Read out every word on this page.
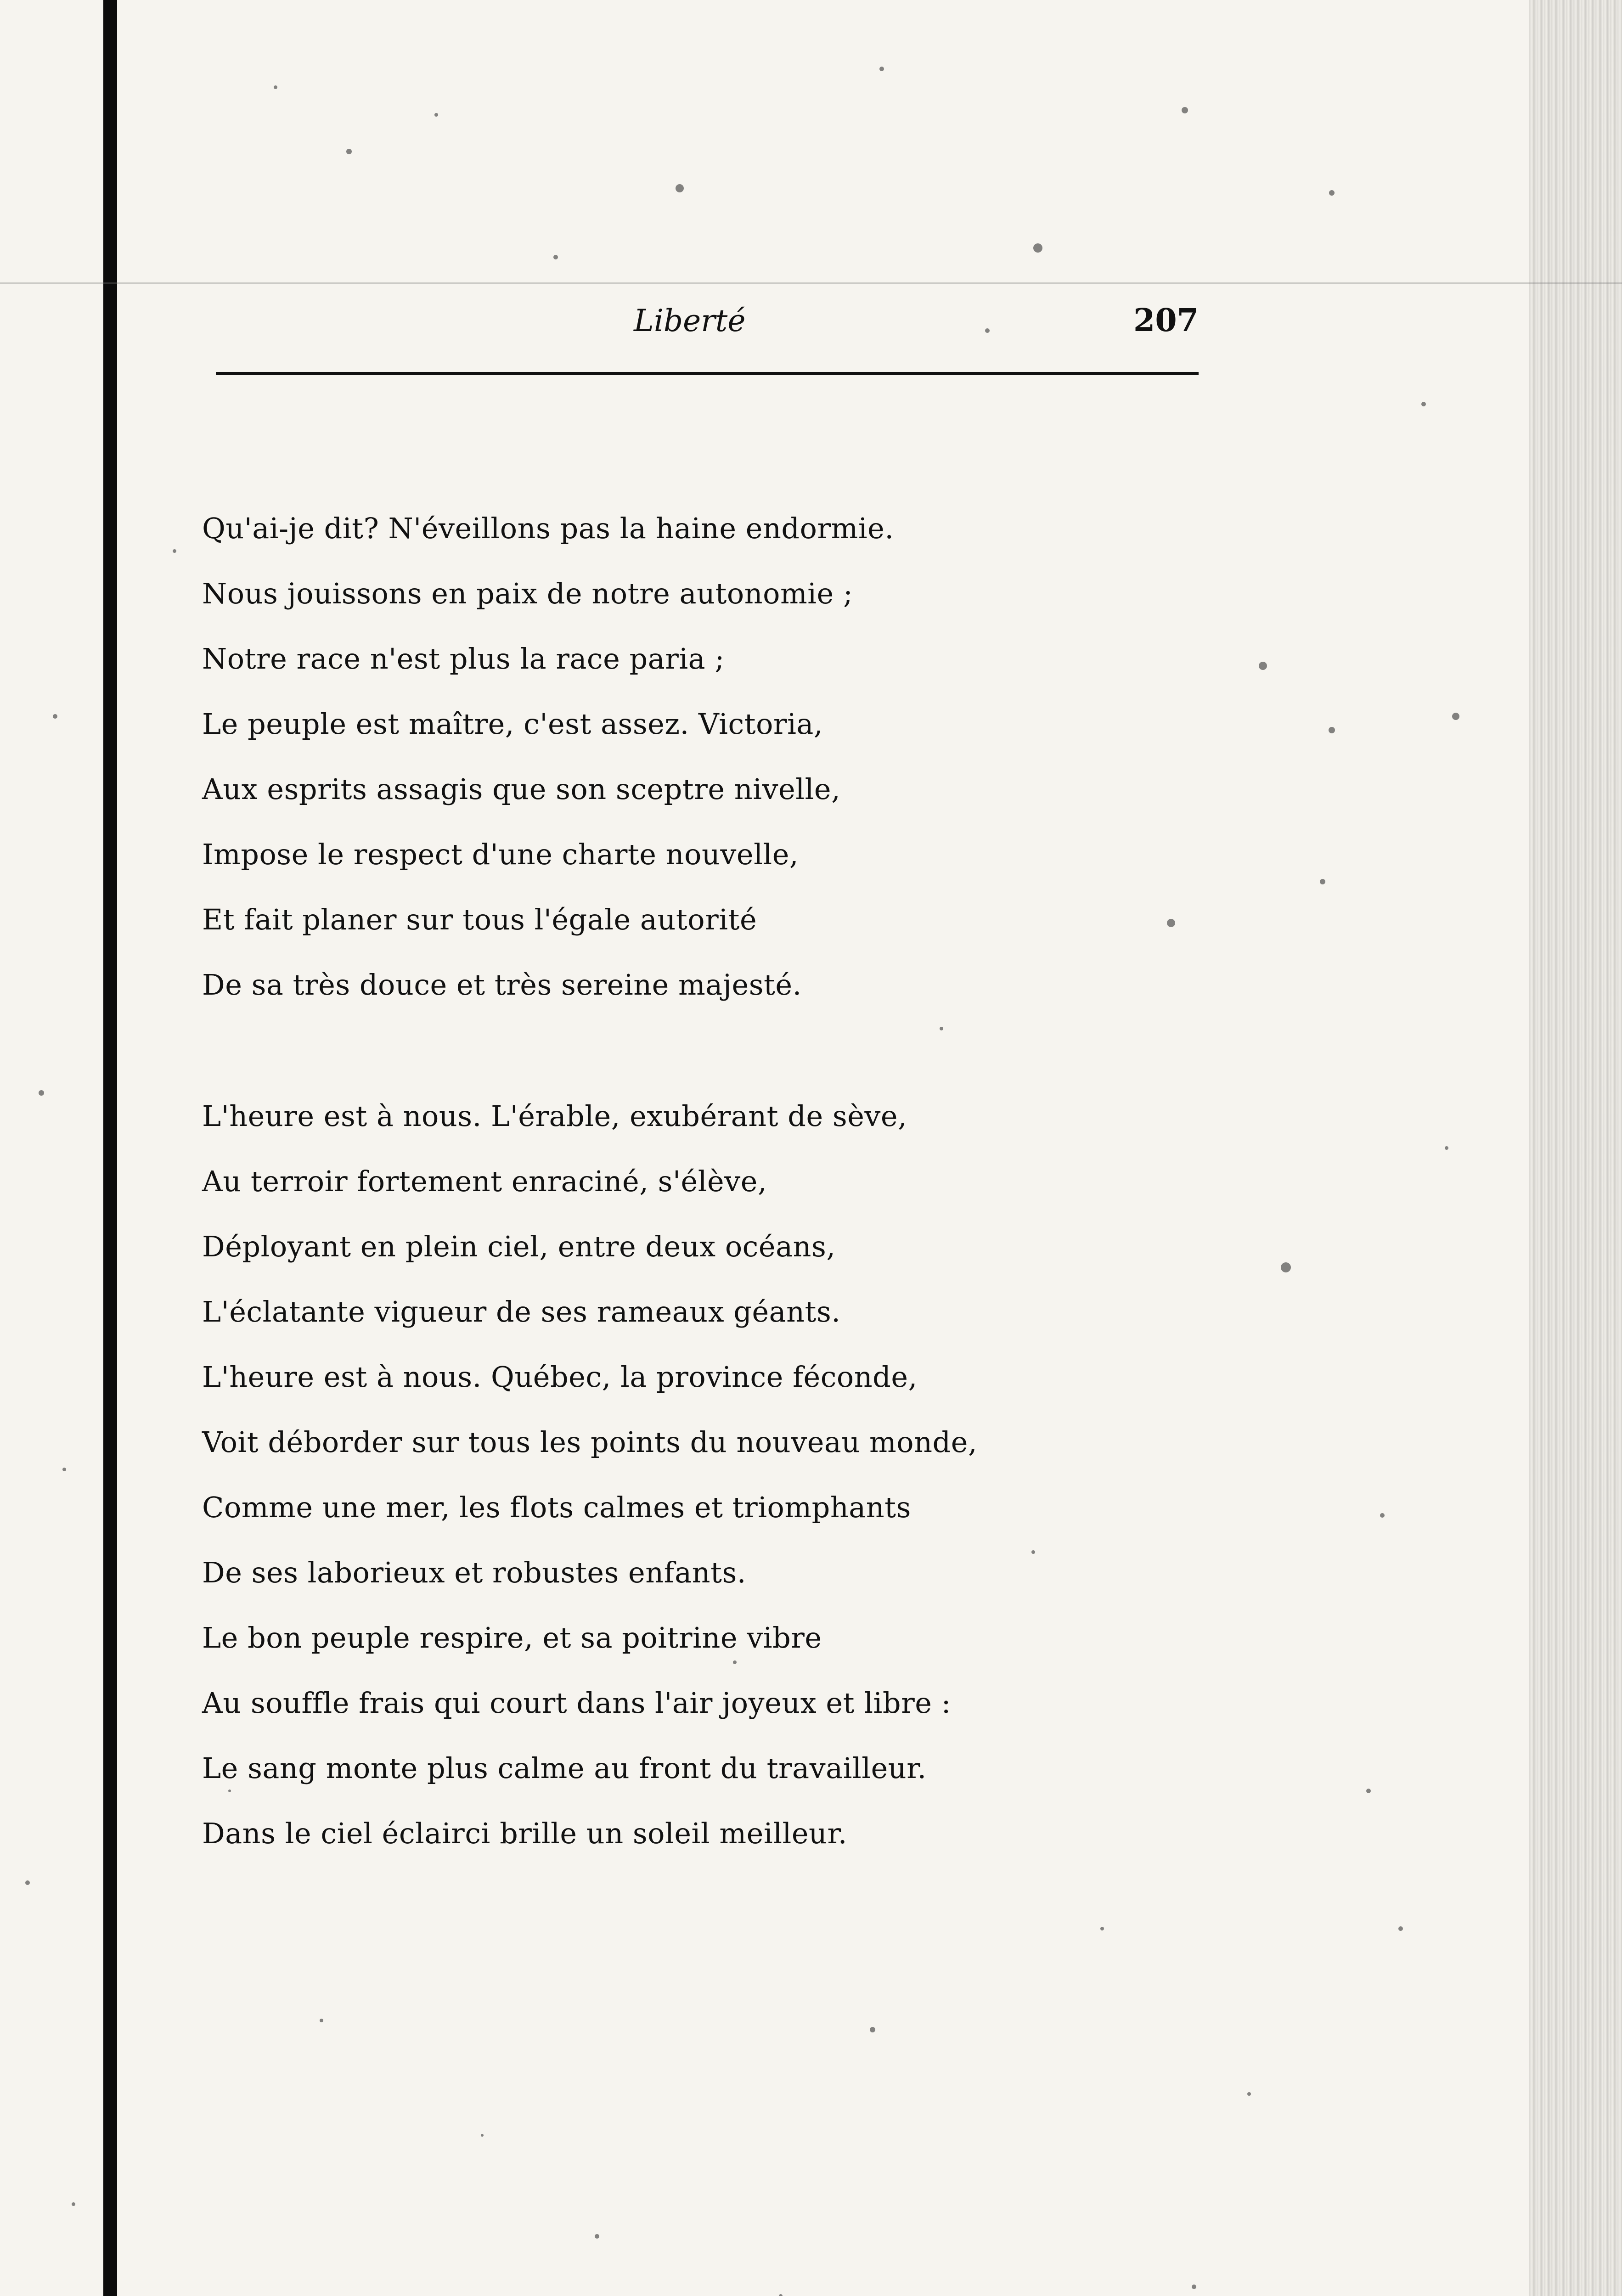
Liberté	207
Qu'ai-je dit? N'éveillons pas la haine endormie.
Nous jouissons en paix de notre autonomie ;
Notre race n'est plus la race paria ;
Le peuple est maître, c'est assez. Victoria,
Aux esprits assagis que son sceptre nivelle,
Impose le respect d'une charte nouvelle,
Et fait planer sur tous l'égale autorité
De sa très douce et très sereine majesté.
L'heure est à nous. L'érable, exubérant de sève,
Au terroir fortement enraciné, s'élève,
Déployant en plein ciel, entre deux océans,
L'éclatante vigueur de ses rameaux géants.
L'heure est à nous. Québec, la province féconde,
Voit déborder sur tous les points du nouveau monde,
Comme une mer, les flots calmes et triomphants
De ses laborieux et robustes enfants.
Le bon peuple respire, et sa poitrine vibre
Au souffle frais qui court dans l'air joyeux et libre :
Le sang monte plus calme au front du travailleur.
Dans le ciel éclairci brille un soleil meilleur.
